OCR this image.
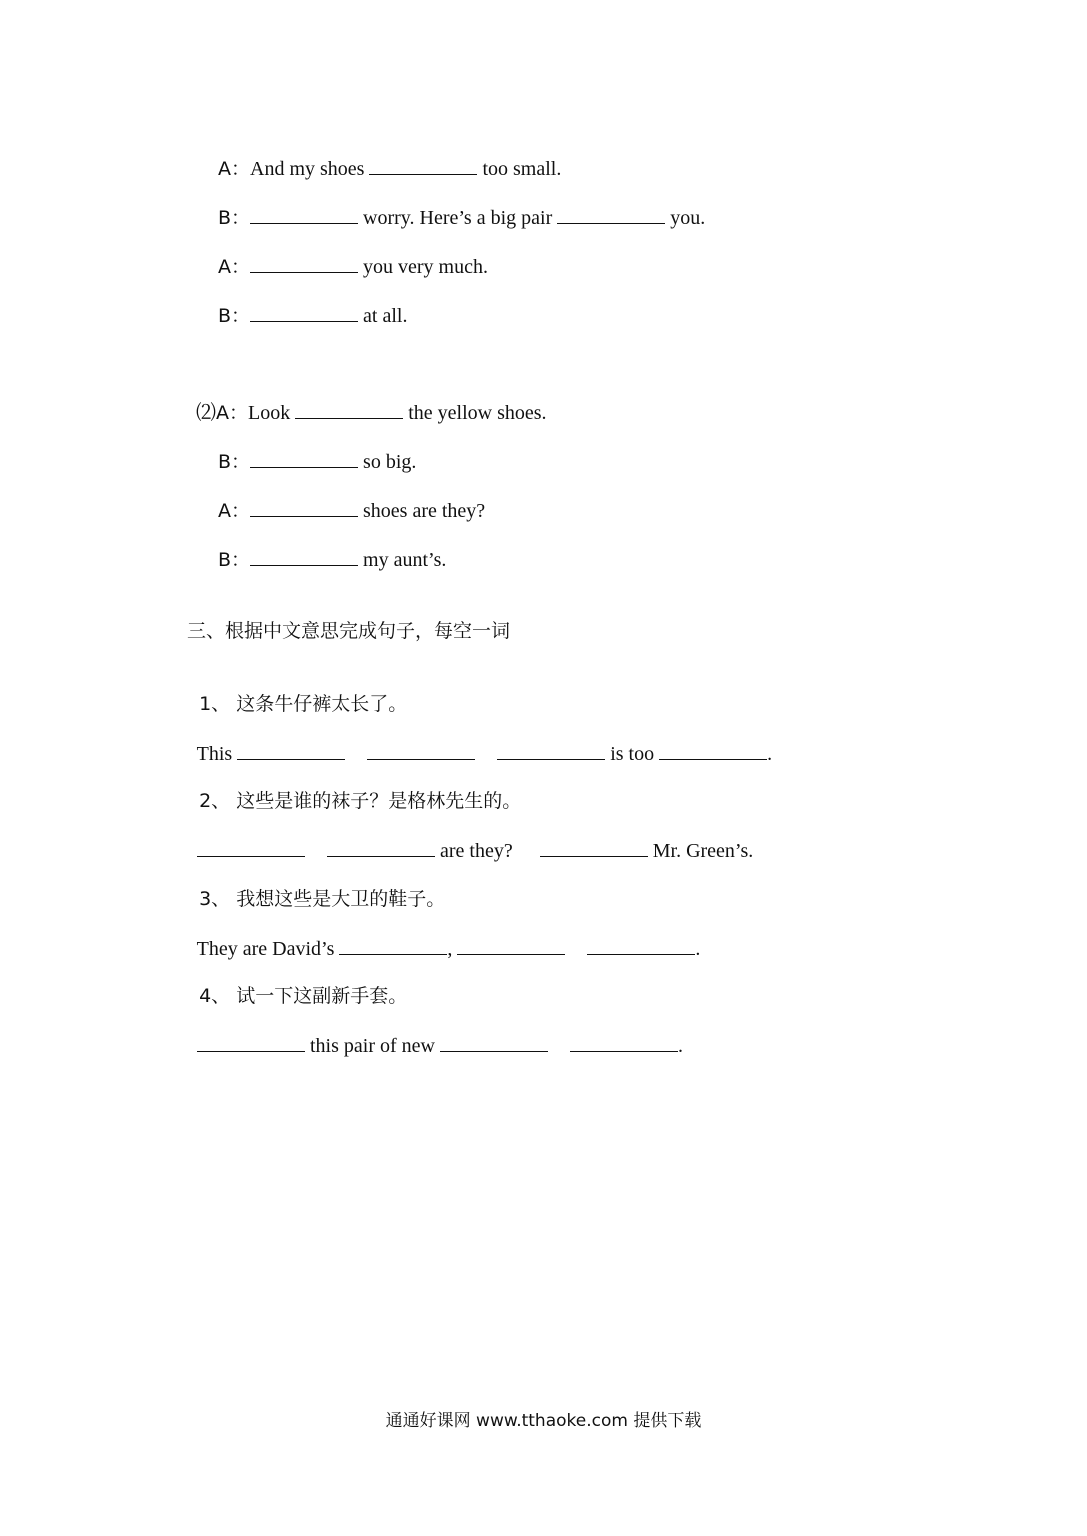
A：And my shoes	too small.

B：	worry. Here’s a big pair	you.

A：	you very much.

B：	at all.

⑵A：Look	the yellow shoes.

B：	so big.

A：	shoes are they?

B：	my aunt’s.

三、根据中文意思完成句子，每空一词

1、 这条牛仔裤太长了。

This	is too	.

2、 这些是谁的袜子？是格林先生的。

are they?	Mr. Green’s.

3、 我想这些是大卫的鞋子。

They are David’s	,	.

4、 试一下这副新手套。

this pair of new	.

通通好课网 www.tthaoke.com 提供下载
